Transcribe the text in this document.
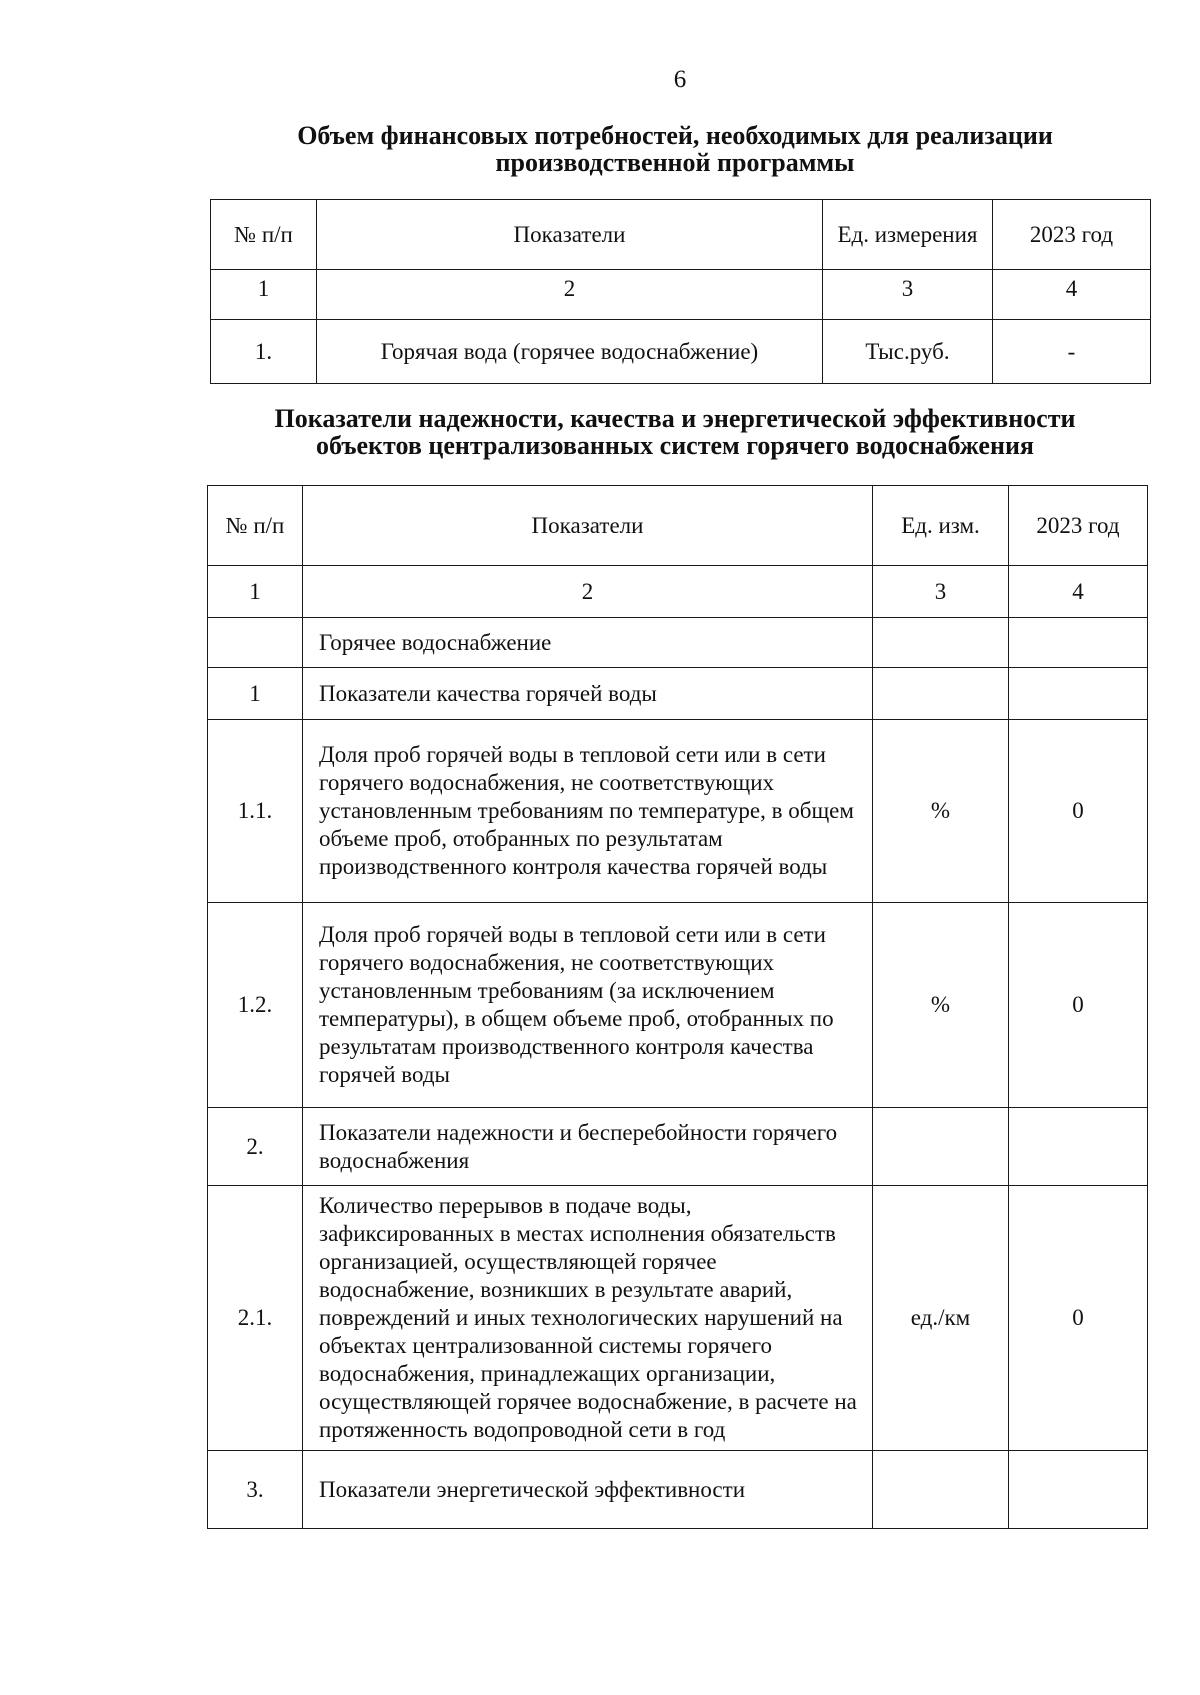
6
Объем финансовых потребностей, необходимых для реализации
производственной программы
№ п/п	Показатели	Ед. измерения	2023 год
1	2	3	4
1.	Горячая вода (горячее водоснабжение)	Тыс.руб.	-
Показатели надежности, качества и энергетической эффективности
объектов централизованных систем горячего водоснабжения
№ п/п	Показатели	Ед. изм.	2023 год
1	2	3	4
	Горячее водоснабжение		
1	Показатели качества горячей воды		
1.1.	Доля проб горячей воды в тепловой сети или в сети горячего водоснабжения, не соответствующих установленным требованиям по температуре, в общем объеме проб, отобранных по результатам производственного контроля качества горячей воды	%	0
1.2.	Доля проб горячей воды в тепловой сети или в сети горячего водоснабжения, не соответствующих установленным требованиям (за исключением температуры), в общем объеме проб, отобранных по результатам производственного контроля качества горячей воды	%	0
2.	Показатели надежности и бесперебойности горячего водоснабжения		
2.1.	Количество перерывов в подаче воды, зафиксированных в местах исполнения обязательств организацией, осуществляющей горячее водоснабжение, возникших в результате аварий, повреждений и иных технологических нарушений на объектах централизованной системы горячего водоснабжения, принадлежащих организации, осуществляющей горячее водоснабжение, в расчете на протяженность водопроводной сети в год	ед./км	0
3.	Показатели энергетической эффективности		
